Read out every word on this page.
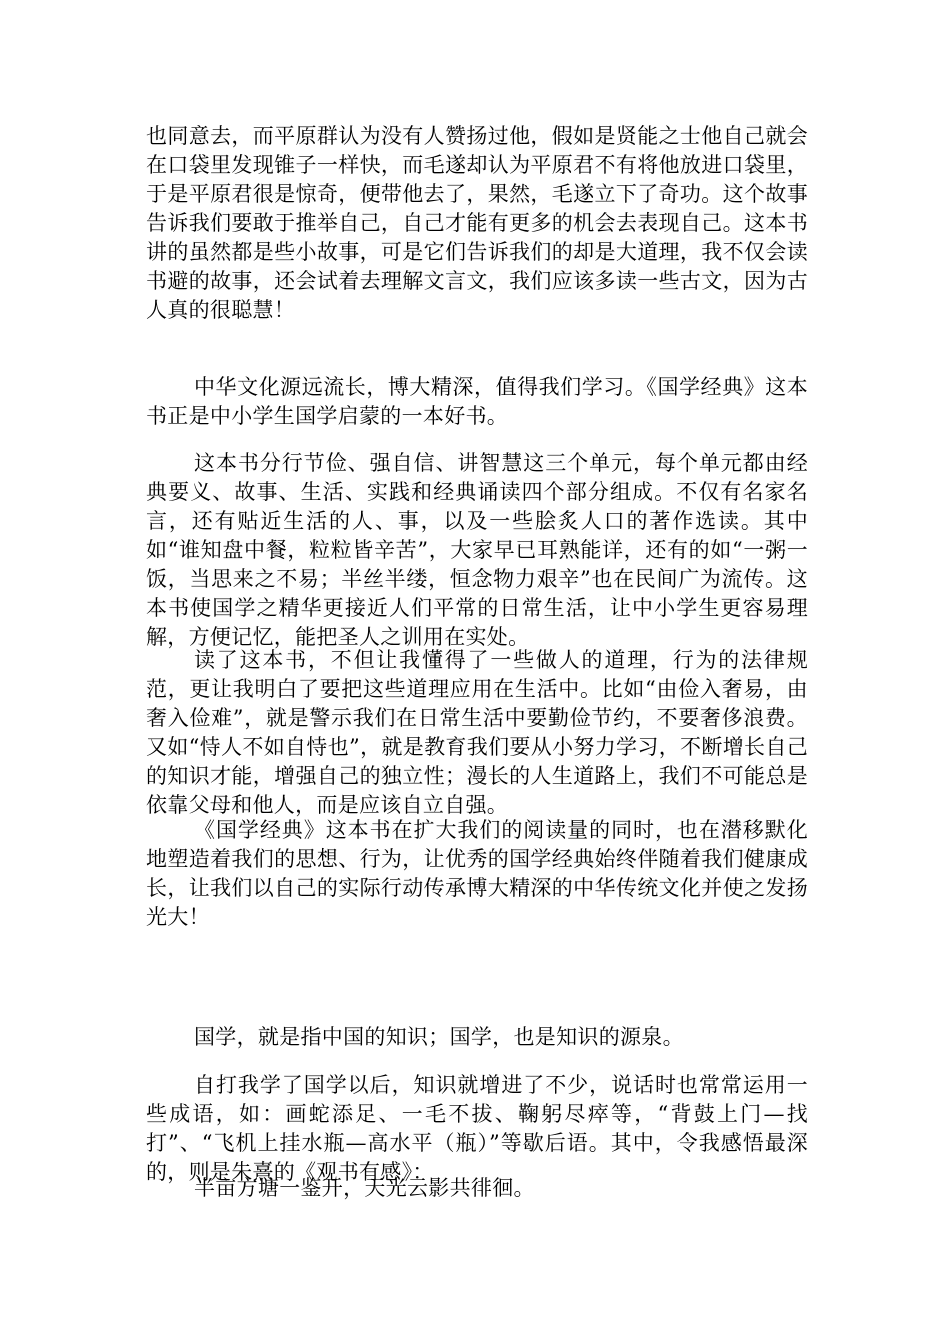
也同意去，而平原群认为没有人赞扬过他，假如是贤能之士他自己就会在口袋里发现锥子一样快，而毛遂却认为平原君不有将他放进口袋里，于是平原君很是惊奇，便带他去了，果然，毛遂立下了奇功。这个故事告诉我们要敢于推举自己，自己才能有更多的机会去表现自己。这本书讲的虽然都是些小故事，可是它们告诉我们的却是大道理，我不仅会读书避的故事，还会试着去理解文言文，我们应该多读一些古文，因为古人真的很聪慧！

中华文化源远流长，博大精深，值得我们学习。《国学经典》这本书正是中小学生国学启蒙的一本好书。

这本书分行节俭、强自信、讲智慧这三个单元，每个单元都由经典要义、故事、生活、实践和经典诵读四个部分组成。不仅有名家名言，还有贴近生活的人、事，以及一些脍炙人口的著作选读。其中如“谁知盘中餐，粒粒皆辛苦”，大家早已耳熟能详，还有的如“一粥一饭，当思来之不易；半丝半缕，恒念物力艰辛”也在民间广为流传。这本书使国学之精华更接近人们平常的日常生活，让中小学生更容易理解，方便记忆，能把圣人之训用在实处。

读了这本书，不但让我懂得了一些做人的道理，行为的法律规范，更让我明白了要把这些道理应用在生活中。比如“由俭入奢易，由奢入俭难”，就是警示我们在日常生活中要勤俭节约，不要奢侈浪费。又如“恃人不如自恃也”，就是教育我们要从小努力学习，不断增长自己的知识才能，增强自己的独立性；漫长的人生道路上，我们不可能总是依靠父母和他人，而是应该自立自强。

《国学经典》这本书在扩大我们的阅读量的同时，也在潜移默化地塑造着我们的思想、行为，让优秀的国学经典始终伴随着我们健康成长，让我们以自己的实际行动传承博大精深的中华传统文化并使之发扬光大！

国学，就是指中国的知识；国学，也是知识的源泉。

自打我学了国学以后，知识就增进了不少，说话时也常常运用一些成语，如：画蛇添足、一毛不拔、鞠躬尽瘁等，“背鼓上门—找打”、“飞机上挂水瓶—高水平（瓶）”等歇后语。其中，令我感悟最深的，则是朱熹的《观书有感》：

半亩方塘一鉴开，天光云影共徘徊。
